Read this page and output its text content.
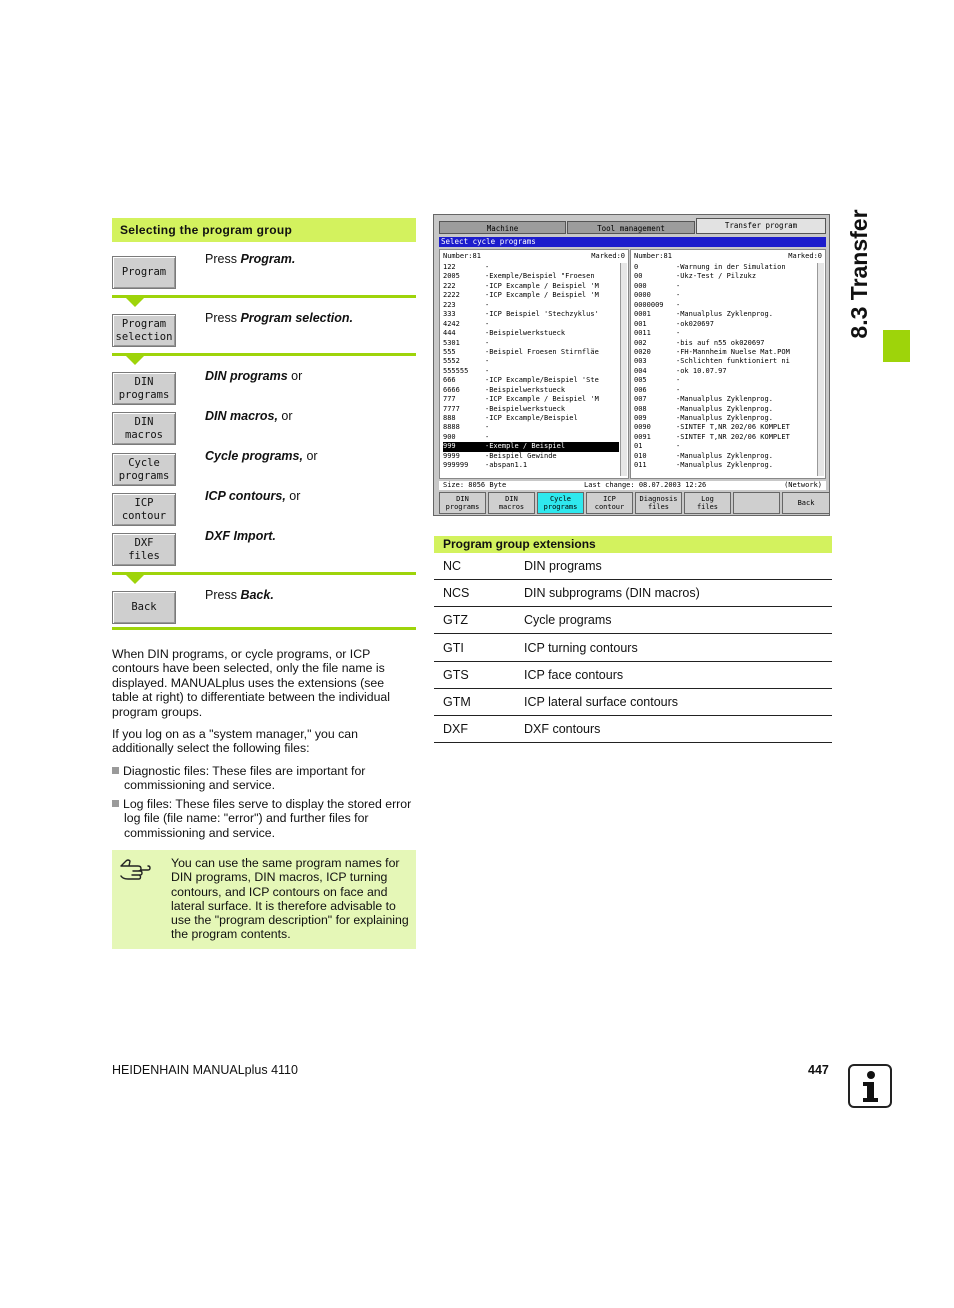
8.3 Transfer
Selecting the program group
Program
Press Program.
Program
selection
Press Program selection.
DIN
programs
DIN programs or
DIN
macros
DIN macros, or
Cycle
programs
Cycle programs, or
ICP
contour
ICP contours, or
DXF
files
DXF Import.
Back
Press Back.
When DIN programs, or cycle programs, or ICP contours have been selected, only the file name is displayed. MANUALplus uses the extensions (see table at right) to differentiate between the individual program groups.
If you log on as a "system manager," you can additionally select the following files:
Diagnostic files: These files are important for commissioning and service.
Log files: These files serve to display the stored error log file (file name: "error") and further files for commissioning and service.
You can use the same program names for DIN programs, DIN macros, ICP turning contours, and ICP contours on face and lateral surface. It is therefore advisable to use the "program description" for explaining the program contents.
Machine	Tool management	Transfer program
Select cycle programs
Number:81	Marked:0
122	-
2005	-Exemple/Beispiel "Froesen
222	-ICP Excample / Beispiel 'M
2222	-ICP Excample / Beispiel 'M
223	-
333	-ICP Beispiel 'Stechzyklus'
4242	-
444	-Beispielwerkstueck
5301	-
555	-Beispiel Froesen Stirnfläe
5552	-
555555	-
666	-ICP Excample/Beispiel 'Ste
6666	-Beispielwerkstueck
777	-ICP Excample / Beispiel 'M
7777	-Beispielwerkstueck
888	-ICP Excample/Beispiel
8888	-
900	-
999	-Exemple / Beispiel
9999	-Beispiel Gewinde
999999	-abspan1.1
Number:81	Marked:0
0	-Warnung in der Simulation
00	-Ukz-Test / Pilzukz
000	-
0000	-
0000009	-
0001	-Manualplus Zyklenprog.
001	-ok020697
0011	-
002	-bis auf n55 ok020697
0020	-FH-Mannheim Nuelse Mat.POM
003	-Schlichten funktioniert ni
004	-ok 10.07.97
005	-
006	-
007	-Manualplus Zyklenprog.
008	-Manualplus Zyklenprog.
009	-Manualplus Zyklenprog.
0090	-SINTEF T,NR 202/06 KOMPLET
0091	-SINTEF T,NR 202/06 KOMPLET
01	-
010	-Manualplus Zyklenprog.
011	-Manualplus Zyklenprog.
Size: 8056 Byte	Last change: 08.07.2003 12:26	(Network)
DIN
programs
DIN
macros
Cycle
programs
ICP
contour
Diagnosis
files
Log
files	Back
Program group extensions
NC	DIN programs
NCS	DIN subprograms (DIN macros)
GTZ	Cycle programs
GTI	ICP turning contours
GTS	ICP face contours
GTM	ICP lateral surface contours
DXF	DXF contours
HEIDENHAIN MANUALplus 4110	447
